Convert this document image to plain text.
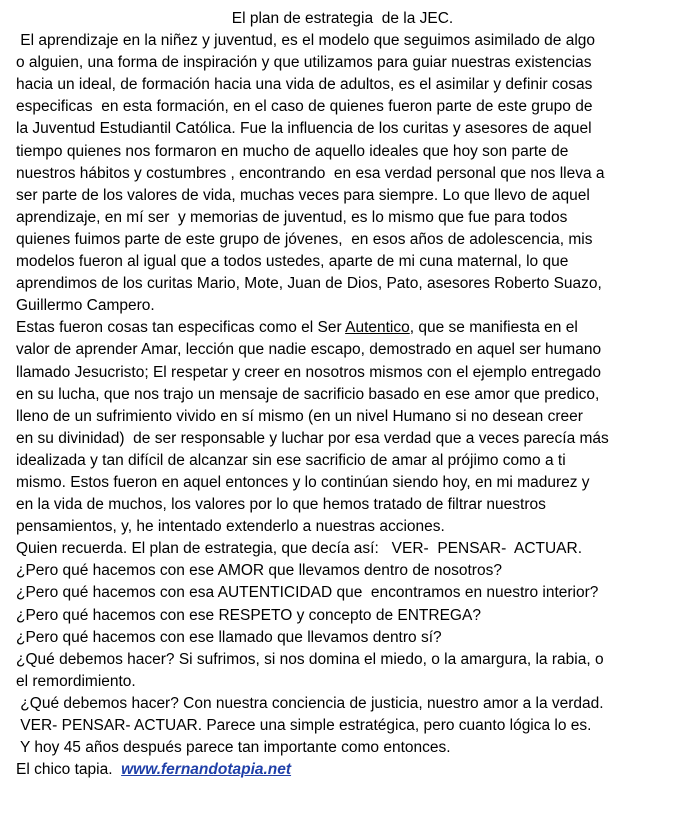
El plan de estrategia  de la JEC.
El aprendizaje en la niñez y juventud, es el modelo que seguimos asimilado de algo
o alguien, una forma de inspiración y que utilizamos para guiar nuestras existencias
hacia un ideal, de formación hacia una vida de adultos, es el asimilar y definir cosas
especificas  en esta formación, en el caso de quienes fueron parte de este grupo de
la Juventud Estudiantil Católica. Fue la influencia de los curitas y asesores de aquel
tiempo quienes nos formaron en mucho de aquello ideales que hoy son parte de
nuestros hábitos y costumbres , encontrando  en esa verdad personal que nos lleva a
ser parte de los valores de vida, muchas veces para siempre. Lo que llevo de aquel
aprendizaje, en mí ser  y memorias de juventud, es lo mismo que fue para todos
quienes fuimos parte de este grupo de jóvenes,  en esos años de adolescencia, mis
modelos fueron al igual que a todos ustedes, aparte de mi cuna maternal, lo que
aprendimos de los curitas Mario, Mote, Juan de Dios, Pato, asesores Roberto Suazo,
Guillermo Campero.
Estas fueron cosas tan especificas como el Ser Autentico, que se manifiesta en el
valor de aprender Amar, lección que nadie escapo, demostrado en aquel ser humano
llamado Jesucristo; El respetar y creer en nosotros mismos con el ejemplo entregado
en su lucha, que nos trajo un mensaje de sacrificio basado en ese amor que predico,
lleno de un sufrimiento vivido en sí mismo (en un nivel Humano si no desean creer
en su divinidad)  de ser responsable y luchar por esa verdad que a veces parecía más
idealizada y tan difícil de alcanzar sin ese sacrificio de amar al prójimo como a ti
mismo. Estos fueron en aquel entonces y lo continúan siendo hoy, en mi madurez y
en la vida de muchos, los valores por lo que hemos tratado de filtrar nuestros
pensamientos, y, he intentado extenderlo a nuestras acciones.
Quien recuerda. El plan de estrategia, que decía así:   VER-  PENSAR-  ACTUAR.
¿Pero qué hacemos con ese AMOR que llevamos dentro de nosotros?
¿Pero qué hacemos con esa AUTENTICIDAD que  encontramos en nuestro interior?
¿Pero qué hacemos con ese RESPETO y concepto de ENTREGA?
¿Pero qué hacemos con ese llamado que llevamos dentro sí?
¿Qué debemos hacer? Si sufrimos, si nos domina el miedo, o la amargura, la rabia, o
el remordimiento.
¿Qué debemos hacer? Con nuestra conciencia de justicia, nuestro amor a la verdad.
VER- PENSAR- ACTUAR. Parece una simple estratégica, pero cuanto lógica lo es.
Y hoy 45 años después parece tan importante como entonces.
El chico tapia.  www.fernandotapia.net
